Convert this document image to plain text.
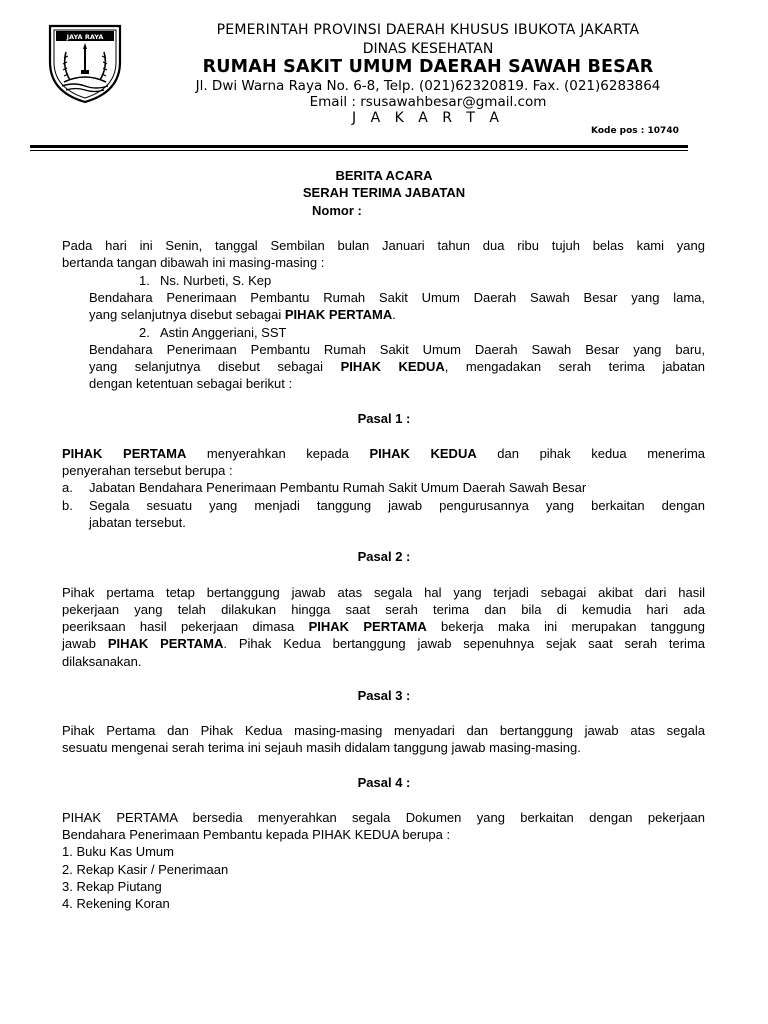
JAYA RAYA	PEMERINTAH PROVINSI DAERAH KHUSUS IBUKOTA JAKARTA
DINAS KESEHATAN
RUMAH SAKIT UMUM DAERAH SAWAH BESAR
Jl. Dwi Warna Raya No. 6-8, Telp. (021)62320819. Fax. (021)6283864
Email : rsusawahbesar@gmail.com
J A K A R T A
Kode pos : 10740
BERITA ACARA
SERAH TERIMA JABATAN
Nomor :
Pada hari ini Senin, tanggal Sembilan bulan Januari tahun dua ribu tujuh belas kami yang
bertanda tangan dibawah ini masing-masing :
1. Ns. Nurbeti, S. Kep
Bendahara Penerimaan Pembantu Rumah Sakit Umum Daerah Sawah Besar yang lama,
yang selanjutnya disebut sebagai PIHAK PERTAMA.
2. Astin Anggeriani, SST
Bendahara Penerimaan Pembantu Rumah Sakit Umum Daerah Sawah Besar yang baru,
yang selanjutnya disebut sebagai PIHAK KEDUA, mengadakan serah terima jabatan
dengan ketentuan sebagai berikut :
Pasal 1 :
PIHAK PERTAMA menyerahkan kepada PIHAK KEDUA dan pihak kedua menerima
penyerahan tersebut berupa :
a. Jabatan Bendahara Penerimaan Pembantu Rumah Sakit Umum Daerah Sawah Besar
b. Segala sesuatu yang menjadi tanggung jawab pengurusannya yang berkaitan dengan
jabatan tersebut.
Pasal 2 :
Pihak pertama tetap bertanggung jawab atas segala hal yang terjadi sebagai akibat dari hasil
pekerjaan yang telah dilakukan hingga saat serah terima dan bila di kemudia hari ada
peeriksaan hasil pekerjaan dimasa PIHAK PERTAMA bekerja maka ini merupakan tanggung
jawab PIHAK PERTAMA. Pihak Kedua bertanggung jawab sepenuhnya sejak saat serah terima
dilaksanakan.
Pasal 3 :
Pihak Pertama dan Pihak Kedua masing-masing menyadari dan bertanggung jawab atas segala
sesuatu mengenai serah terima ini sejauh masih didalam tanggung jawab masing-masing.
Pasal 4 :
PIHAK PERTAMA bersedia menyerahkan segala Dokumen yang berkaitan dengan pekerjaan
Bendahara Penerimaan Pembantu kepada PIHAK KEDUA berupa :
1. Buku Kas Umum
2. Rekap Kasir / Penerimaan
3. Rekap Piutang
4. Rekening Koran
